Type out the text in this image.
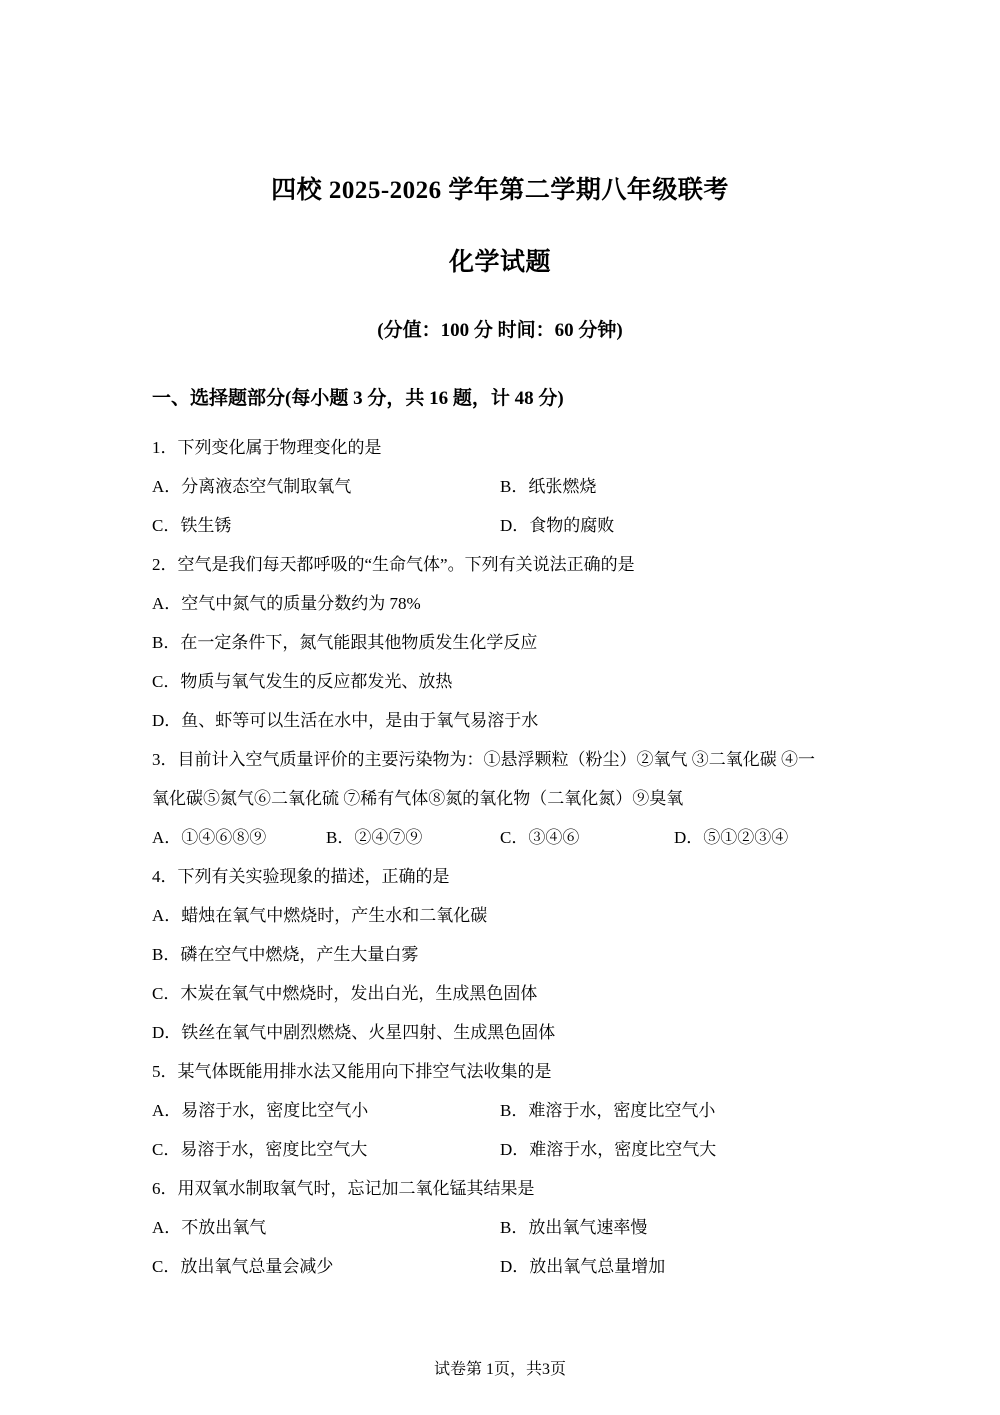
四校 2025-2026 学年第二学期八年级联考
化学试题
(分值：100 分 时间：60 分钟)
一、选择题部分(每小题 3 分，共 16 题，计 48 分)
1．下列变化属于物理变化的是
A．分离液态空气制取氧气	B．纸张燃烧
C．铁生锈	D．食物的腐败
2．空气是我们每天都呼吸的“生命气体”。下列有关说法正确的是
A．空气中氮气的质量分数约为 78%
B．在一定条件下，氮气能跟其他物质发生化学反应
C．物质与氧气发生的反应都发光、放热
D．鱼、虾等可以生活在水中，是由于氧气易溶于水
3．目前计入空气质量评价的主要污染物为：①悬浮颗粒（粉尘）②氧气 ③二氧化碳 ④一
氧化碳⑤氮气⑥二氧化硫 ⑦稀有气体⑧氮的氧化物（二氧化氮）⑨臭氧
A．①④⑥⑧⑨	B．②④⑦⑨	C．③④⑥	D．⑤①②③④
4．下列有关实验现象的描述，正确的是
A．蜡烛在氧气中燃烧时，产生水和二氧化碳
B．磷在空气中燃烧，产生大量白雾
C．木炭在氧气中燃烧时，发出白光，生成黑色固体
D．铁丝在氧气中剧烈燃烧、火星四射、生成黑色固体
5．某气体既能用排水法又能用向下排空气法收集的是
A．易溶于水，密度比空气小	B．难溶于水，密度比空气小
C．易溶于水，密度比空气大	D．难溶于水，密度比空气大
6．用双氧水制取氧气时，忘记加二氧化锰其结果是
A．不放出氧气	B．放出氧气速率慢
C．放出氧气总量会减少	D．放出氧气总量增加
试卷第 1页，共3页
